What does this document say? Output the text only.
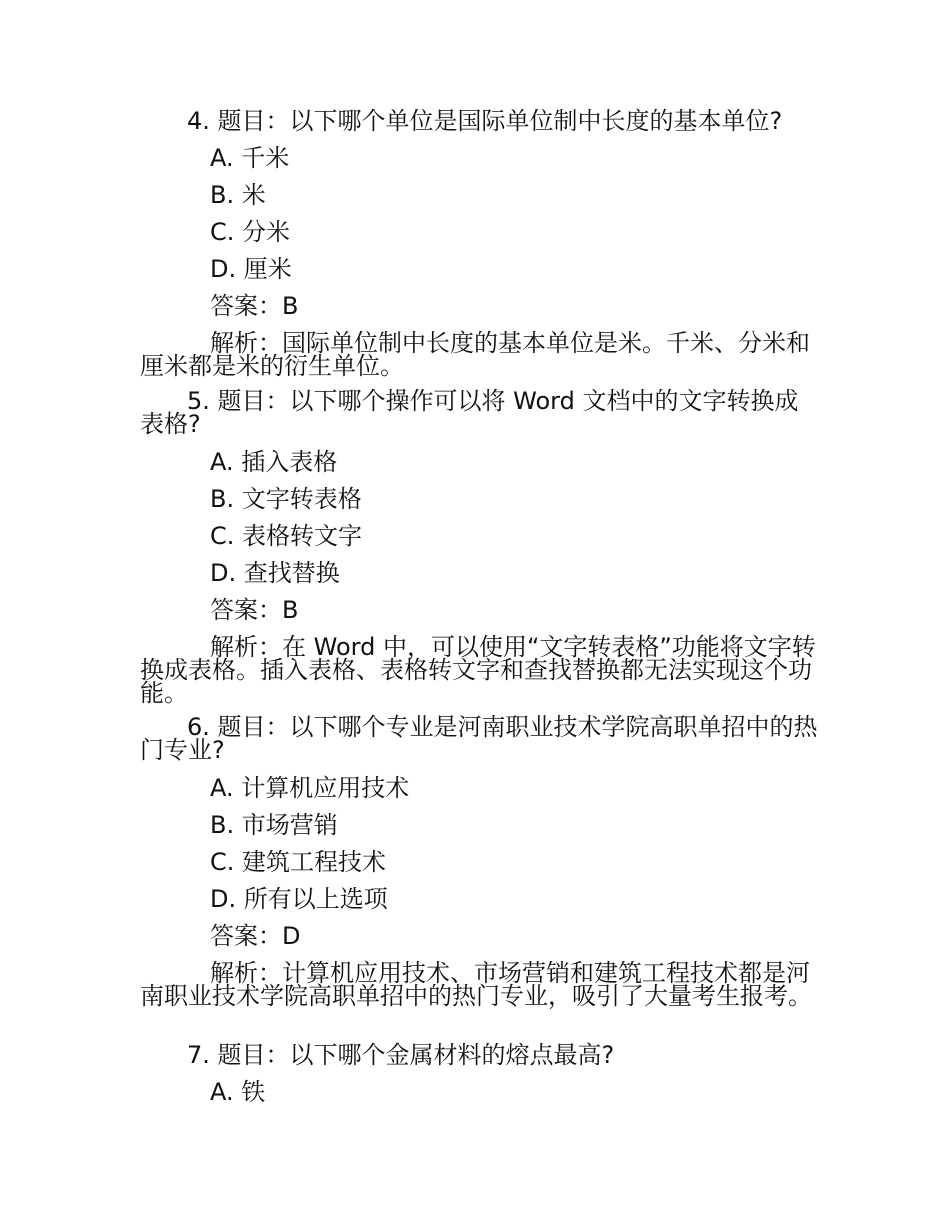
4. 题目：以下哪个单位是国际单位制中长度的基本单位?
A. 千米
B. 米
C. 分米
D. 厘米
答案：B
解析：国际单位制中长度的基本单位是米。千米、分米和厘米都是米的衍生单位。
5. 题目：以下哪个操作可以将 Word 文档中的文字转换成表格?
A. 插入表格
B. 文字转表格
C. 表格转文字
D. 查找替换
答案：B
解析：在 Word 中，可以使用“文字转表格”功能将文字转换成表格。插入表格、表格转文字和查找替换都无法实现这个功能。
6. 题目：以下哪个专业是河南职业技术学院高职单招中的热门专业?
A. 计算机应用技术
B. 市场营销
C. 建筑工程技术
D. 所有以上选项
答案：D
解析：计算机应用技术、市场营销和建筑工程技术都是河南职业技术学院高职单招中的热门专业，吸引了大量考生报考。
7. 题目：以下哪个金属材料的熔点最高?
A. 铁
